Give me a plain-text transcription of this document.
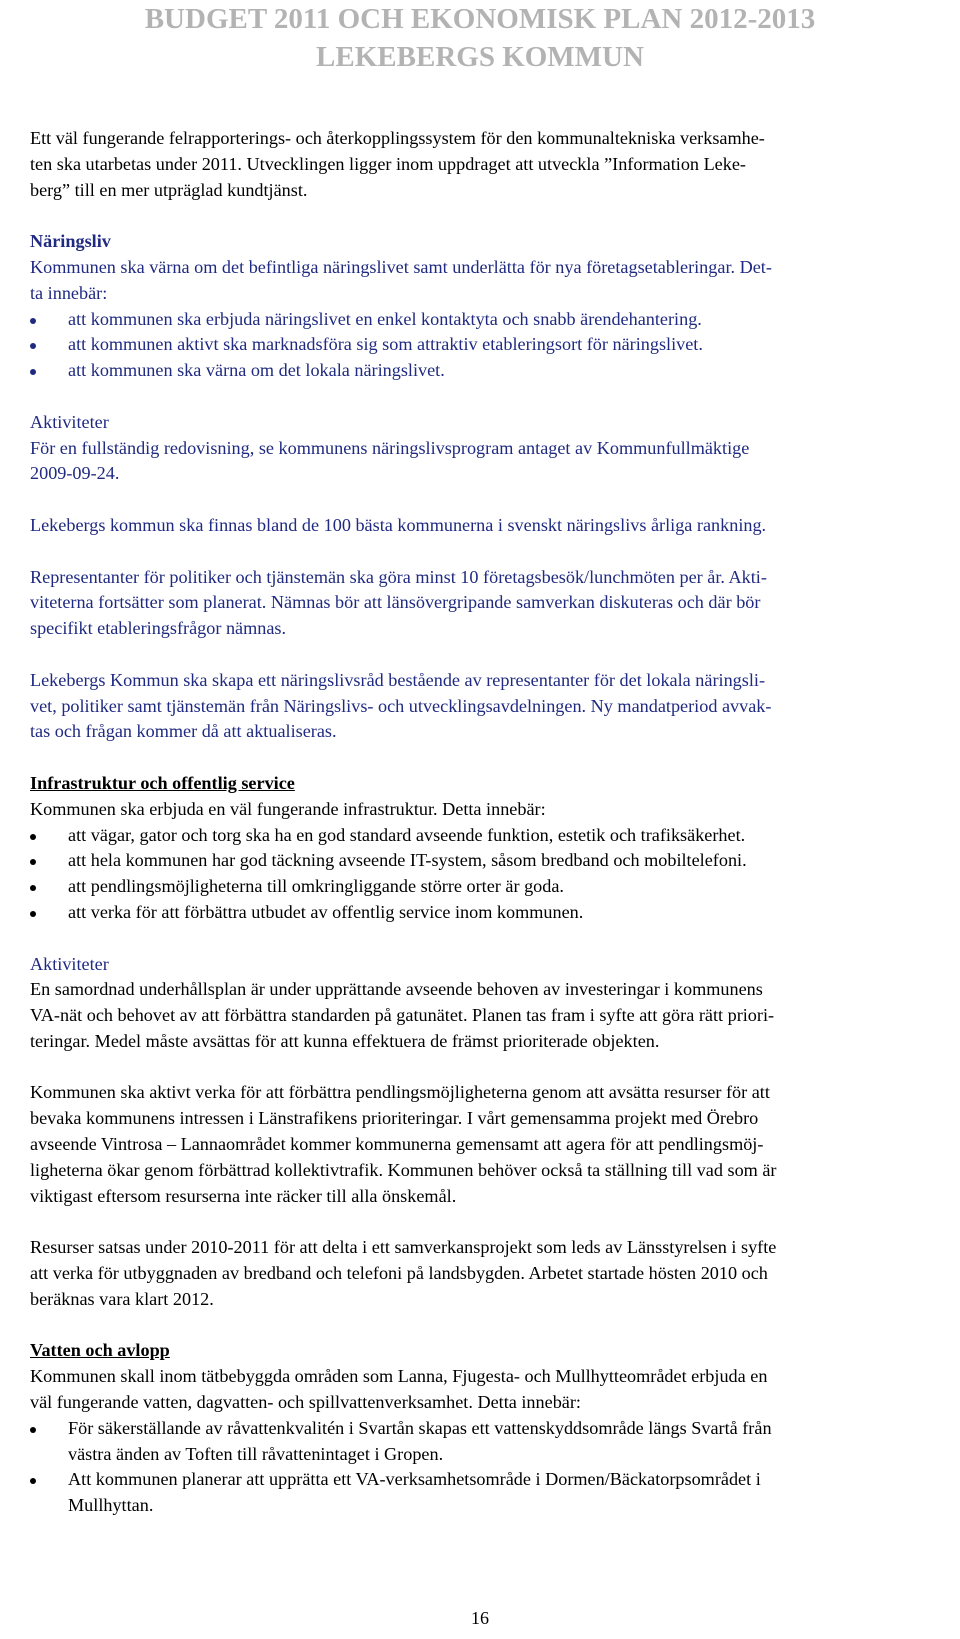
BUDGET 2011 OCH EKONOMISK PLAN 2012-2013
LEKEBERGS KOMMUN

Ett väl fungerande felrapporterings- och återkopplingssystem för den kommunaltekniska verksamhe-
ten ska utarbetas under 2011. Utvecklingen ligger inom uppdraget att utveckla ”Information Leke-
berg” till en mer utpräglad kundtjänst.

Näringsliv

Kommunen ska värna om det befintliga näringslivet samt underlätta för nya företagsetableringar. Det-
ta innebär:

att kommunen ska erbjuda näringslivet en enkel kontaktyta och snabb ärendehantering.
att kommunen aktivt ska marknadsföra sig som attraktiv etableringsort för näringslivet.
att kommunen ska värna om det lokala näringslivet.

Aktiviteter

För en fullständig redovisning, se kommunens näringslivsprogram antaget av Kommunfullmäktige
2009-09-24.

Lekebergs kommun ska finnas bland de 100 bästa kommunerna i svenskt näringslivs årliga rankning.

Representanter för politiker och tjänstemän ska göra minst 10 företagsbesök/lunchmöten per år. Akti-
viteterna fortsätter som planerat. Nämnas bör att länsövergripande samverkan diskuteras och där bör
specifikt etableringsfrågor nämnas.

Lekebergs Kommun ska skapa ett näringslivsråd bestående av representanter för det lokala näringsli-
vet, politiker samt tjänstemän från Näringslivs- och utvecklingsavdelningen. Ny mandatperiod avvak-
tas och frågan kommer då att aktualiseras.

Infrastruktur och offentlig service

Kommunen ska erbjuda en väl fungerande infrastruktur. Detta innebär:

att vägar, gator och torg ska ha en god standard avseende funktion, estetik och trafiksäkerhet.
att hela kommunen har god täckning avseende IT-system, såsom bredband och mobiltelefoni.
att pendlingsmöjligheterna till omkringliggande större orter är goda.
att verka för att förbättra utbudet av offentlig service inom kommunen.

Aktiviteter

En samordnad underhållsplan är under upprättande avseende behoven av investeringar i kommunens
VA-nät och behovet av att förbättra standarden på gatunätet. Planen tas fram i syfte att göra rätt priori-
teringar. Medel måste avsättas för att kunna effektuera de främst prioriterade objekten.

Kommunen ska aktivt verka för att förbättra pendlingsmöjligheterna genom att avsätta resurser för att
bevaka kommunens intressen i Länstrafikens prioriteringar. I vårt gemensamma projekt med Örebro
avseende Vintrosa – Lannaområdet kommer kommunerna gemensamt att agera för att pendlingsmöj-
ligheterna ökar genom förbättrad kollektivtrafik. Kommunen behöver också ta ställning till vad som är
viktigast eftersom resurserna inte räcker till alla önskemål.

Resurser satsas under 2010-2011 för att delta i ett samverkansprojekt som leds av Länsstyrelsen i syfte
att verka för utbyggnaden av bredband och telefoni på landsbygden. Arbetet startade hösten 2010 och
beräknas vara klart 2012.

Vatten och avlopp

Kommunen skall inom tätbebyggda områden som Lanna, Fjugesta- och Mullhytteområdet erbjuda en
väl fungerande vatten, dagvatten- och spillvattenverksamhet. Detta innebär:

För säkerställande av råvattenkvalitén i Svartån skapas ett vattenskyddsområde längs Svartå från
västra änden av Toften till råvattenintaget i Gropen.
Att kommunen planerar att upprätta ett VA-verksamhetsområde i Dormen/Bäckatorpsområdet i
Mullhyttan.
16
